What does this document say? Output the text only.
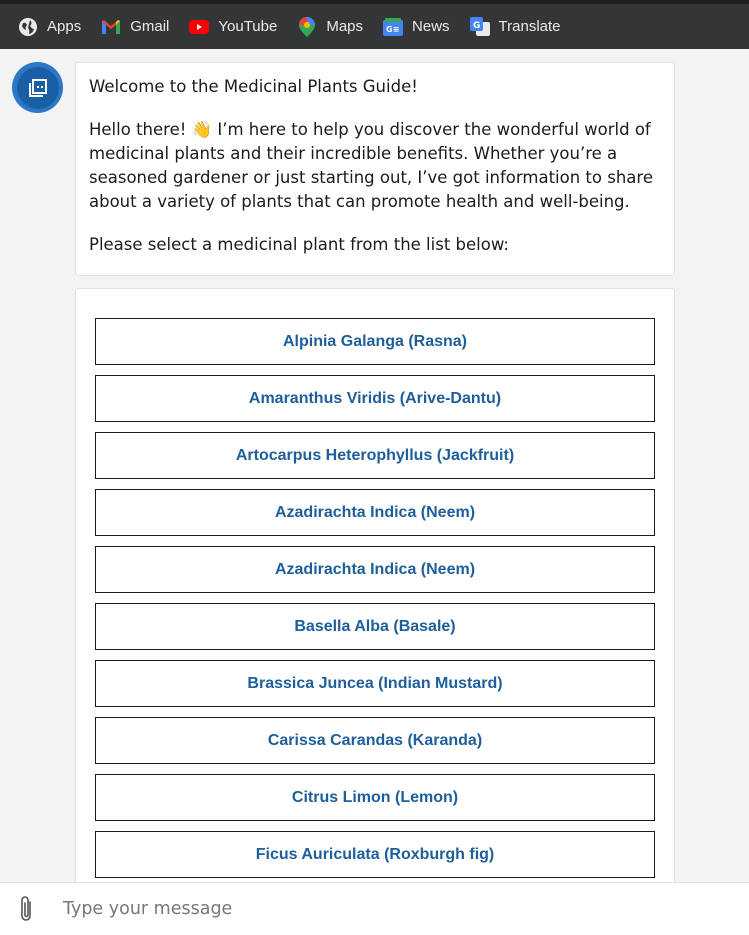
Apps	Gmail	YouTube	Maps	G≡ News	G Translate

Welcome to the Medicinal Plants Guide!

Hello there! 👋 I’m here to help you discover the wonderful world of medicinal plants and their incredible benefits. Whether you’re a seasoned gardener or just starting out, I’ve got information to share about a variety of plants that can promote health and well-being.

Please select a medicinal plant from the list below:

Alpinia Galanga (Rasna)
Amaranthus Viridis (Arive-Dantu)
Artocarpus Heterophyllus (Jackfruit)
Azadirachta Indica (Neem)
Azadirachta Indica (Neem)
Basella Alba (Basale)
Brassica Juncea (Indian Mustard)
Carissa Carandas (Karanda)
Citrus Limon (Lemon)
Ficus Auriculata (Roxburgh fig)
Type your message
